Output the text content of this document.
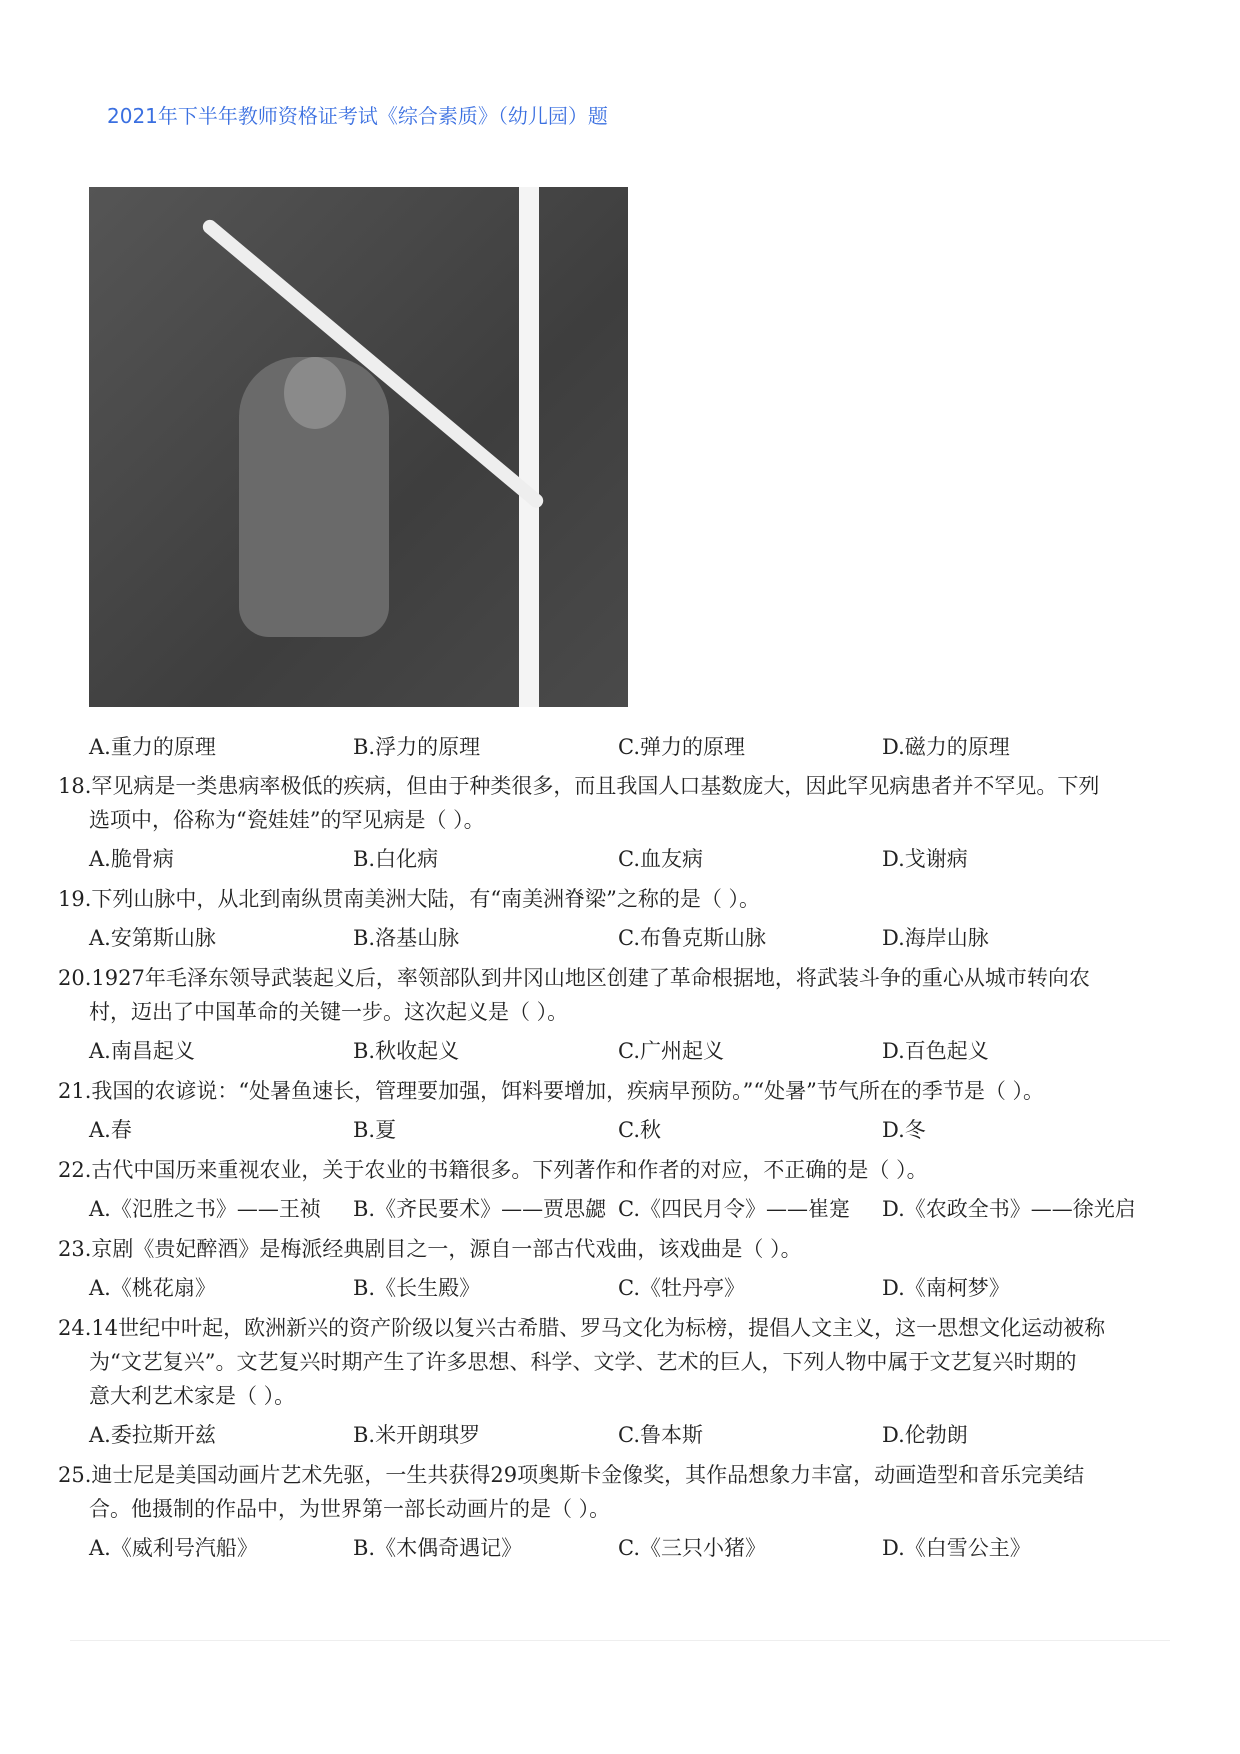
2021年下半年教师资格证考试《综合素质》（幼儿园）题
A.重力的原理	B.浮力的原理	C.弹力的原理	D.磁力的原理
18.罕见病是一类患病率极低的疾病，但由于种类很多，而且我国人口基数庞大，因此罕见病患者并不罕见。下列
选项中，俗称为“瓷娃娃”的罕见病是（ ）。
A.脆骨病	B.白化病	C.血友病	D.戈谢病
19.下列山脉中，从北到南纵贯南美洲大陆，有“南美洲脊梁”之称的是（ ）。
A.安第斯山脉	B.洛基山脉	C.布鲁克斯山脉	D.海岸山脉
20.1927年毛泽东领导武装起义后，率领部队到井冈山地区创建了革命根据地，将武装斗争的重心从城市转向农
村，迈出了中国革命的关键一步。这次起义是（ ）。
A.南昌起义	B.秋收起义	C.广州起义	D.百色起义
21.我国的农谚说：“处暑鱼速长，管理要加强，饵料要增加，疾病早预防。”“处暑”节气所在的季节是（ ）。
A.春	B.夏	C.秋	D.冬
22.古代中国历来重视农业，关于农业的书籍很多。下列著作和作者的对应，不正确的是（ ）。
A.《氾胜之书》——王祯 B.《齐民要术》——贾思勰 C.《四民月令》——崔寔 D.《农政全书》——徐光启
23.京剧《贵妃醉酒》是梅派经典剧目之一，源自一部古代戏曲，该戏曲是（ ）。
A.《桃花扇》	B.《长生殿》	C.《牡丹亭》	D.《南柯梦》
24.14世纪中叶起，欧洲新兴的资产阶级以复兴古希腊、罗马文化为标榜，提倡人文主义，这一思想文化运动被称
为“文艺复兴”。文艺复兴时期产生了许多思想、科学、文学、艺术的巨人，下列人物中属于文艺复兴时期的
意大利艺术家是（ ）。
A.委拉斯开兹	B.米开朗琪罗	C.鲁本斯	D.伦勃朗
25.迪士尼是美国动画片艺术先驱，一生共获得29项奥斯卡金像奖，其作品想象力丰富，动画造型和音乐完美结
合。他摄制的作品中，为世界第一部长动画片的是（ ）。
A.《威利号汽船》	B.《木偶奇遇记》	C.《三只小猪》	D.《白雪公主》
